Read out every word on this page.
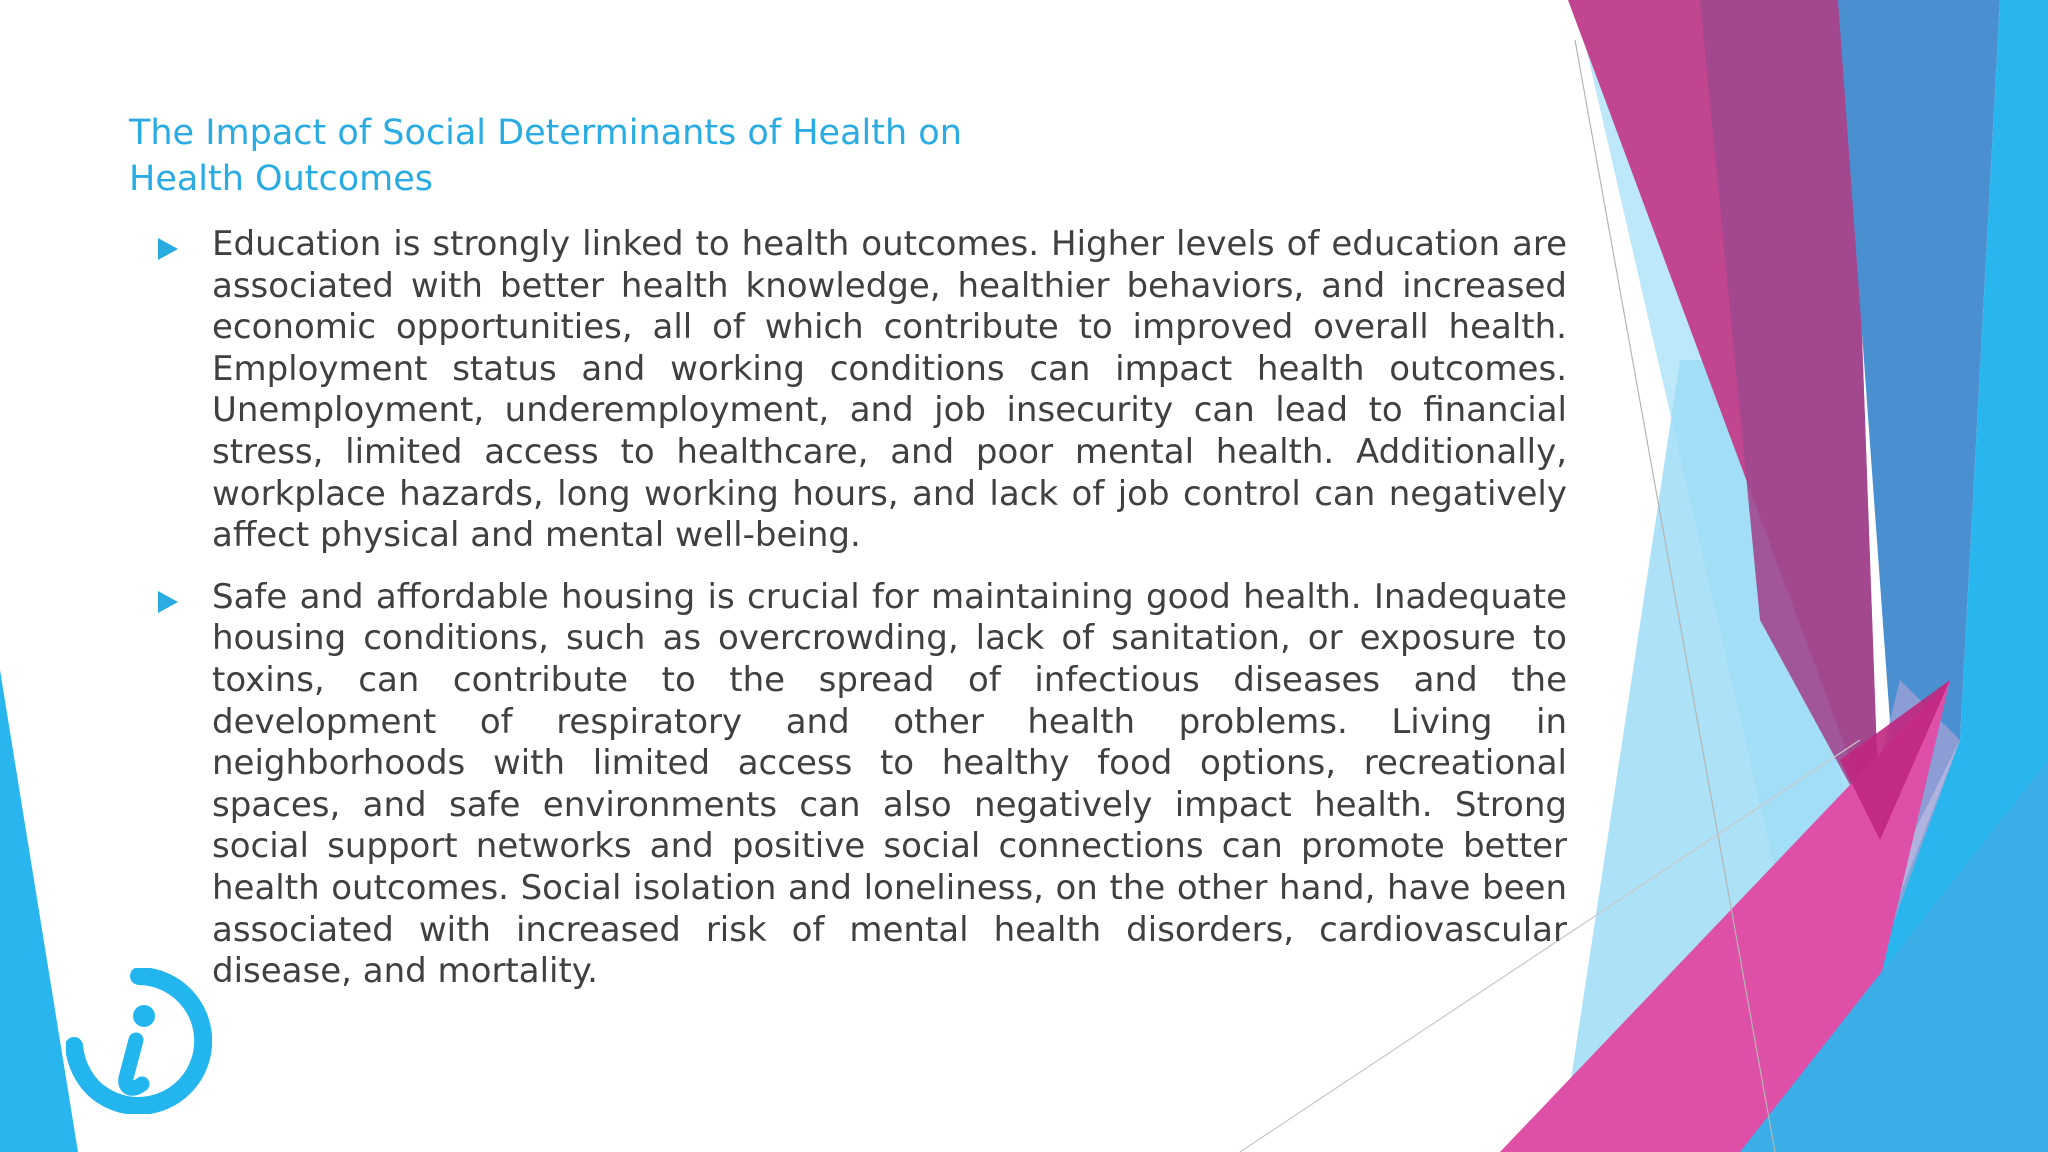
The Impact of Social Determinants of Health on Health Outcomes
Education is strongly linked to health outcomes. Higher levels of education are associated with better health knowledge, healthier behaviors, and increased economic opportunities, all of which contribute to improved overall health. Employment status and working conditions can impact health outcomes. Unemployment, underemployment, and job insecurity can lead to financial stress, limited access to healthcare, and poor mental health. Additionally, workplace hazards, long working hours, and lack of job control can negatively affect physical and mental well-being.
Safe and affordable housing is crucial for maintaining good health. Inadequate housing conditions, such as overcrowding, lack of sanitation, or exposure to toxins, can contribute to the spread of infectious diseases and the development of respiratory and other health problems. Living in neighborhoods with limited access to healthy food options, recreational spaces, and safe environments can also negatively impact health. Strong social support networks and positive social connections can promote better health outcomes. Social isolation and loneliness, on the other hand, have been associated with increased risk of mental health disorders, cardiovascular disease, and mortality.
